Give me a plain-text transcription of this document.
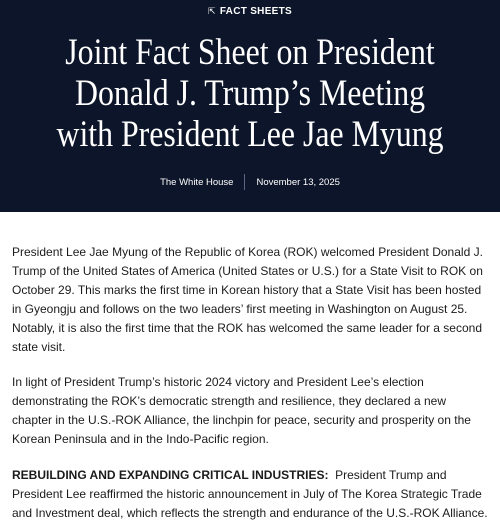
⇱ FACT SHEETS
Joint Fact Sheet on President
Donald J. Trump’s Meeting
with President Lee Jae Myung
The White House November 13, 2025

President Lee Jae Myung of the Republic of Korea (ROK) welcomed President Donald J. Trump of the United States of America (United States or U.S.) for a State Visit to ROK on October 29. This marks the first time in Korean history that a State Visit has been hosted in Gyeongju and follows on the two leaders’ first meeting in Washington on August 25. Notably, it is also the first time that the ROK has welcomed the same leader for a second state visit.

In light of President Trump’s historic 2024 victory and President Lee’s election demonstrating the ROK’s democratic strength and resilience, they declared a new chapter in the U.S.-ROK Alliance, the linchpin for peace, security and prosperity on the Korean Peninsula and in the Indo-Pacific region.

REBUILDING AND EXPANDING CRITICAL INDUSTRIES: President Trump and President Lee reaffirmed the historic announcement in July of The Korea Strategic Trade and Investment deal, which reflects the strength and endurance of the U.S.-ROK Alliance.
